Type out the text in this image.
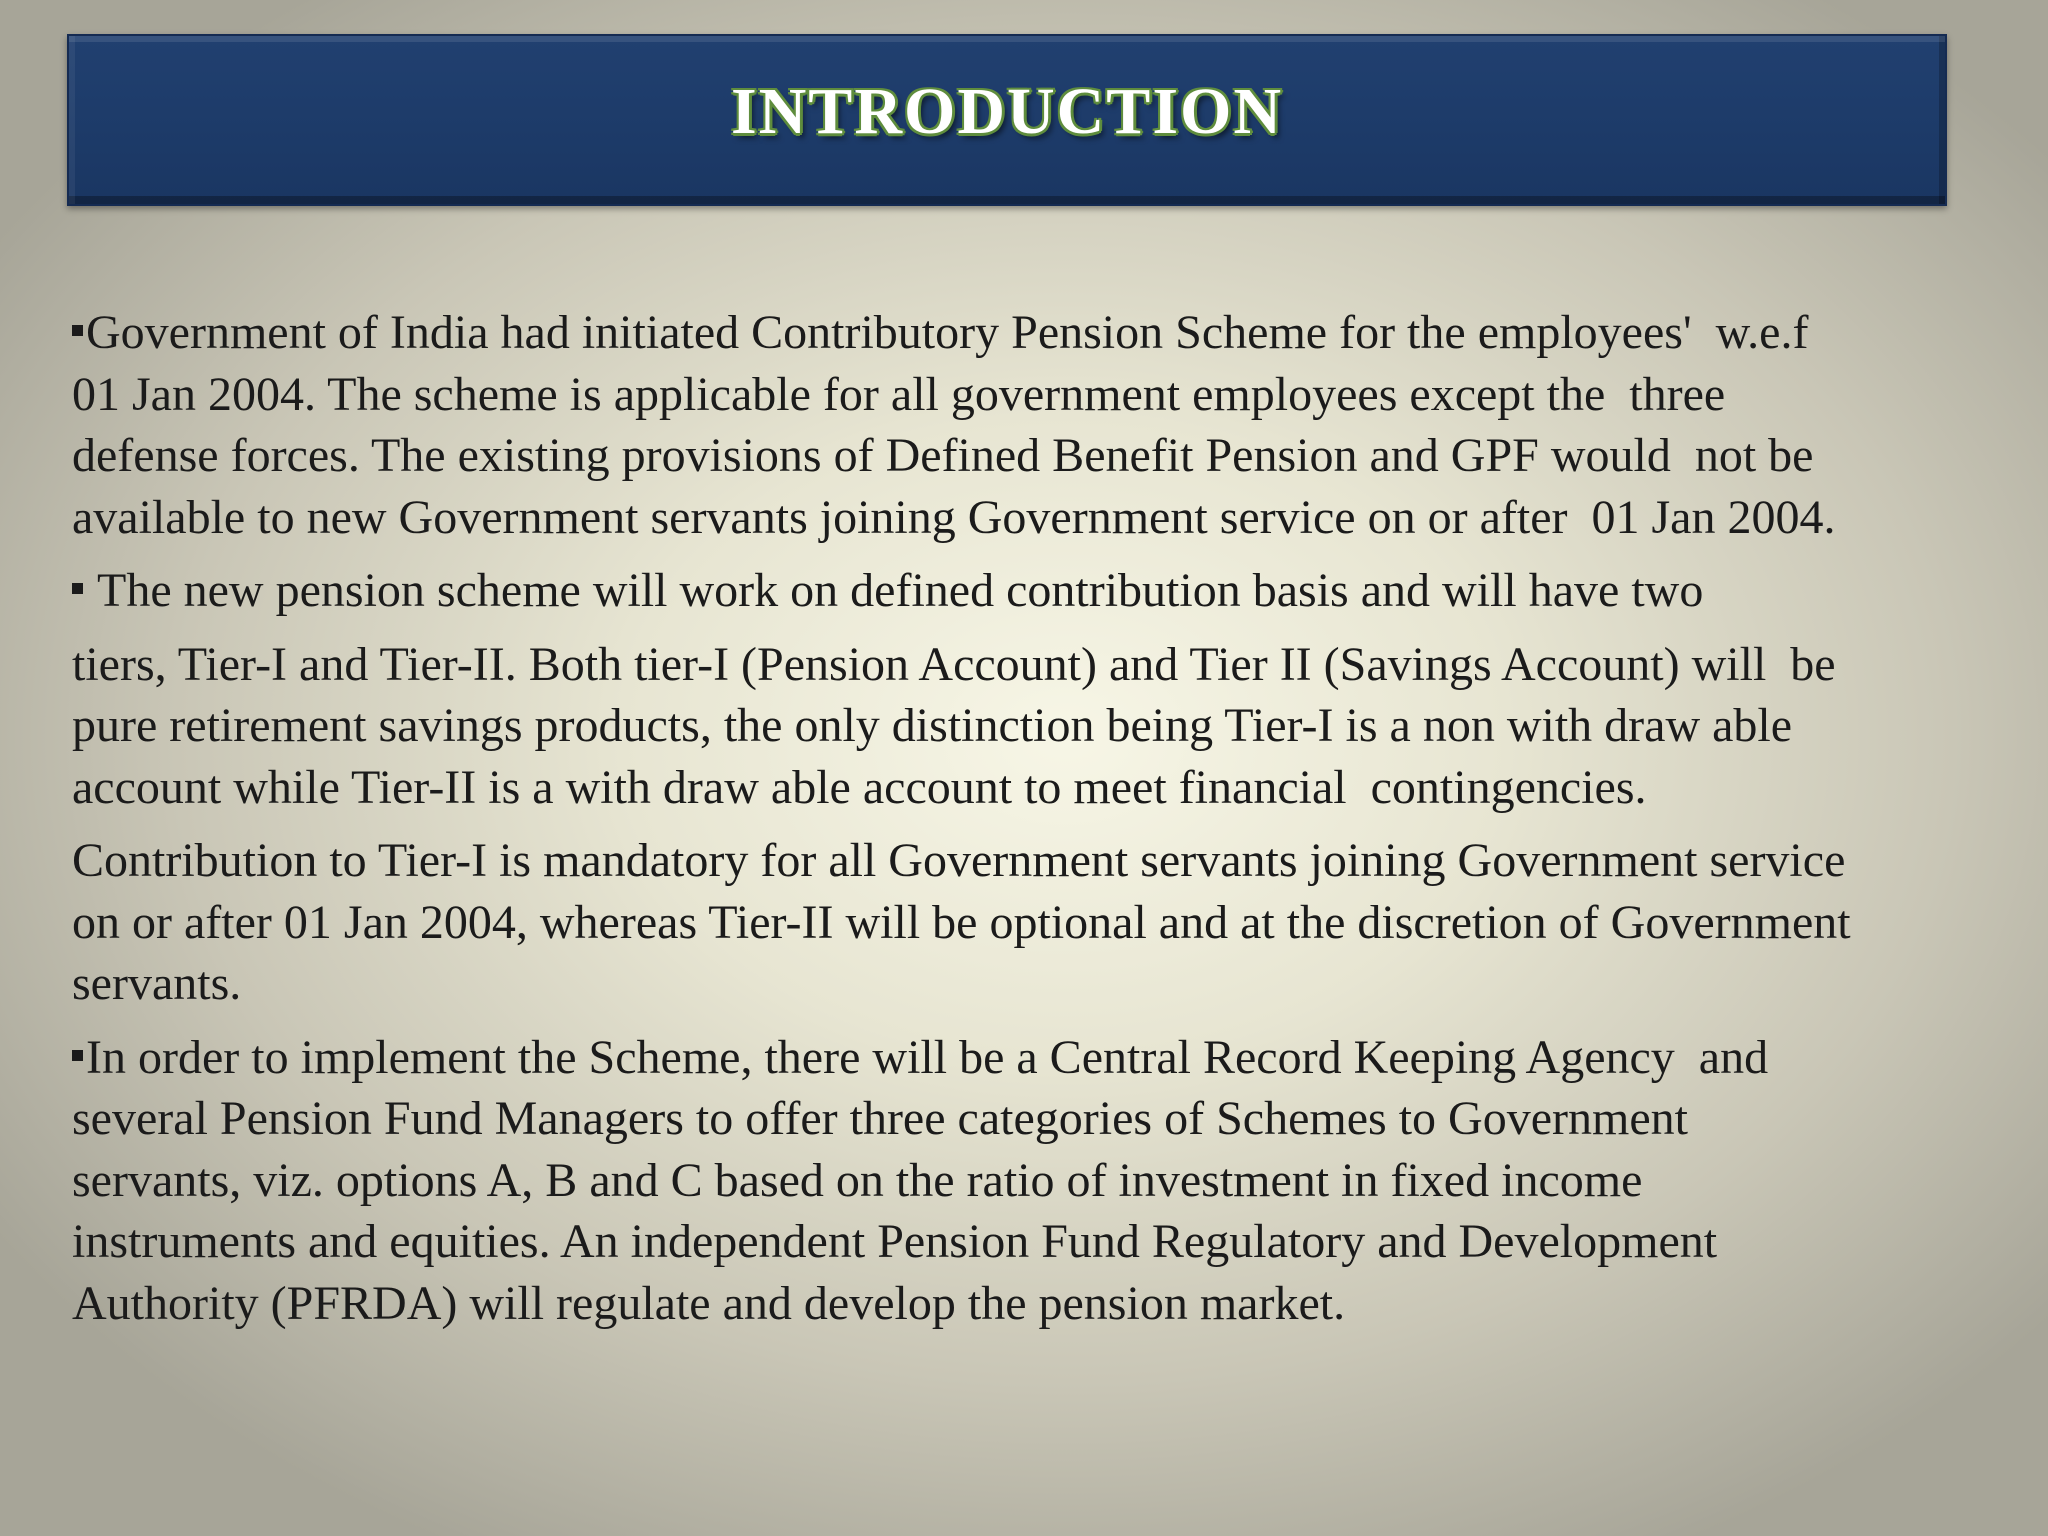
INTRODUCTION

Government of India had initiated Contributory Pension Scheme for the employees'  w.e.f
01 Jan 2004. The scheme is applicable for all government employees except the  three
defense forces. The existing provisions of Defined Benefit Pension and GPF would  not be
available to new Government servants joining Government service on or after  01 Jan 2004.

The new pension scheme will work on defined contribution basis and will have two

tiers, Tier-I and Tier-II. Both tier-I (Pension Account) and Tier II (Savings Account) will  be
pure retirement savings products, the only distinction being Tier-I is a non with draw able
account while Tier-II is a with draw able account to meet financial  contingencies.

Contribution to Tier-I is mandatory for all Government servants joining Government service
on or after 01 Jan 2004, whereas Tier-II will be optional and at the discretion of Government
servants.

In order to implement the Scheme, there will be a Central Record Keeping Agency  and
several Pension Fund Managers to offer three categories of Schemes to Government
servants, viz. options A, B and C based on the ratio of investment in fixed income
instruments and equities. An independent Pension Fund Regulatory and Development
Authority (PFRDA) will regulate and develop the pension market.
